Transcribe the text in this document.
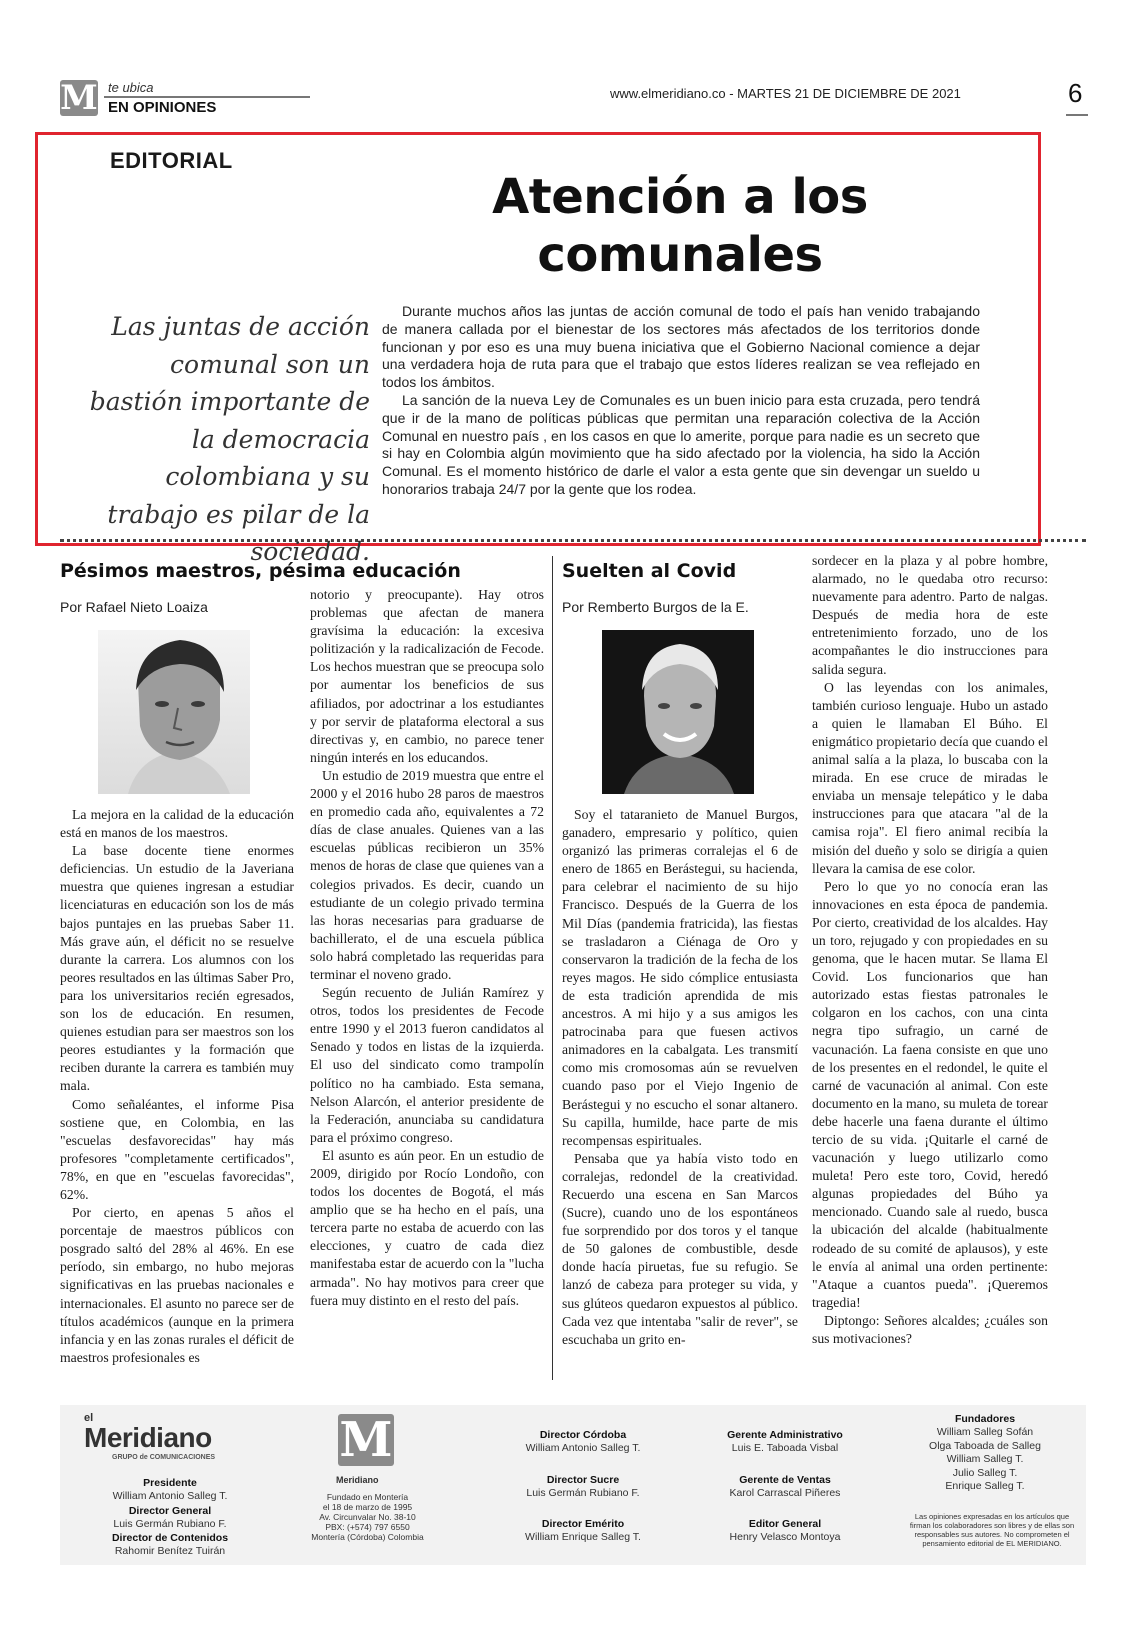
M te ubica
EN OPINIONES
www.elmeridiano.co - MARTES 21 DE DICIEMBRE DE 2021	6
EDITORIAL
Atención a los comunales
Las juntas de acción comunal son un bastión importante de la democracia colombiana y su trabajo es pilar de la sociedad.

Durante muchos años las juntas de acción comunal de todo el país han venido trabajando de manera callada por el bienestar de los sectores más afectados de los territorios donde funcionan y por eso es una muy buena iniciativa que el Gobierno Nacional comience a dejar una verdadera hoja de ruta para que el trabajo que estos líderes realizan se vea reflejado en todos los ámbitos.

La sanción de la nueva Ley de Comunales es un buen inicio para esta cruzada, pero tendrá que ir de la mano de políticas públicas que permitan una reparación colectiva de la Acción Comunal en nuestro país , en los casos en que lo amerite, porque para nadie es un secreto que si hay en Colombia algún movimiento que ha sido afectado por la violencia, ha sido la Acción Comunal. Es el momento histórico de darle el valor a esta gente que sin devengar un sueldo u honorarios trabaja 24/7 por la gente que los rodea.

Pésimos maestros, pésima educación
Por Rafael Nieto Loaiza

La mejora en la calidad de la educación está en manos de los maestros.

La base docente tiene enormes deficiencias. Un estudio de la Javeriana muestra que quienes ingresan a estudiar licenciaturas en educación son los de más bajos puntajes en las pruebas Saber 11. Más grave aún, el déficit no se resuelve durante la carrera. Los alumnos con los peores resultados en las últimas Saber Pro, para los universitarios recién egresados, son los de educación. En resumen, quienes estudian para ser maestros son los peores estudiantes y la formación que reciben durante la carrera es también muy mala.

Como señaléantes, el informe Pisa sostiene que, en Colombia, en las "escuelas desfavorecidas" hay más profesores "completamente certificados", 78%, en que en "escuelas favorecidas", 62%.

Por cierto, en apenas 5 años el porcentaje de maestros públicos con posgrado saltó del 28% al 46%. En ese período, sin embargo, no hubo mejoras significativas en las pruebas nacionales e internacionales. El asunto no parece ser de títulos académicos (aunque en la primera infancia y en las zonas rurales el déficit de maestros profesionales es

notorio y preocupante). Hay otros problemas que afectan de manera gravísima la educación: la excesiva politización y la radicalización de Fecode. Los hechos muestran que se preocupa solo por aumentar los beneficios de sus afiliados, por adoctrinar a los estudiantes y por servir de plataforma electoral a sus directivas y, en cambio, no parece tener ningún interés en los educandos.

Un estudio de 2019 muestra que entre el 2000 y el 2016 hubo 28 paros de maestros en promedio cada año, equivalentes a 72 días de clase anuales. Quienes van a las escuelas públicas recibieron un 35% menos de horas de clase que quienes van a colegios privados. Es decir, cuando un estudiante de un colegio privado termina las horas necesarias para graduarse de bachillerato, el de una escuela pública solo habrá completado las requeridas para terminar el noveno grado.

Según recuento de Julián Ramírez y otros, todos los presidentes de Fecode entre 1990 y el 2013 fueron candidatos al Senado y todos en listas de la izquierda. El uso del sindicato como trampolín político no ha cambiado. Esta semana, Nelson Alarcón, el anterior presidente de la Federación, anunciaba su candidatura para el próximo congreso.

El asunto es aún peor. En un estudio de 2009, dirigido por Rocío Londoño, con todos los docentes de Bogotá, el más amplio que se ha hecho en el país, una tercera parte no estaba de acuerdo con las elecciones, y cuatro de cada diez manifestaba estar de acuerdo con la "lucha armada". No hay motivos para creer que fuera muy distinto en el resto del país.

Suelten al Covid
Por Remberto Burgos de la E.

Soy el tataranieto de Manuel Burgos, ganadero, empresario y político, quien organizó las primeras corralejas el 6 de enero de 1865 en Berástegui, su hacienda, para celebrar el nacimiento de su hijo Francisco. Después de la Guerra de los Mil Días (pandemia fratricida), las fiestas se trasladaron a Ciénaga de Oro y conservaron la tradición de la fecha de los reyes magos. He sido cómplice entusiasta de esta tradición aprendida de mis ancestros. A mi hijo y a sus amigos les patrocinaba para que fuesen activos animadores en la cabalgata. Les transmití como mis cromosomas aún se revuelven cuando paso por el Viejo Ingenio de Berástegui y no escucho el sonar altanero. Su capilla, humilde, hace parte de mis recompensas espirituales.

Pensaba que ya había visto todo en corralejas, redondel de la creatividad. Recuerdo una escena en San Marcos (Sucre), cuando uno de los espontáneos fue sorprendido por dos toros y el tanque de 50 galones de combustible, desde donde hacía piruetas, fue su refugio. Se lanzó de cabeza para proteger su vida, y sus glúteos quedaron expuestos al público. Cada vez que intentaba "salir de rever", se escuchaba un grito en-

sordecer en la plaza y al pobre hombre, alarmado, no le quedaba otro recurso: nuevamente para adentro. Parto de nalgas. Después de media hora de este entretenimiento forzado, uno de los acompañantes le dio instrucciones para salida segura.

O las leyendas con los animales, también curioso lenguaje. Hubo un astado a quien le llamaban El Búho. El enigmático propietario decía que cuando el animal salía a la plaza, lo buscaba con la mirada. En ese cruce de miradas le enviaba un mensaje telepático y le daba instrucciones para que atacara "al de la camisa roja". El fiero animal recibía la misión del dueño y solo se dirigía a quien llevara la camisa de ese color.

Pero lo que yo no conocía eran las innovaciones en esta época de pandemia. Por cierto, creatividad de los alcaldes. Hay un toro, rejugado y con propiedades en su genoma, que le hacen mutar. Se llama El Covid. Los funcionarios que han autorizado estas fiestas patronales le colgaron en los cachos, con una cinta negra tipo sufragio, un carné de vacunación. La faena consiste en que uno de los presentes en el redondel, le quite el carné de vacunación al animal. Con este documento en la mano, su muleta de torear debe hacerle una faena durante el último tercio de su vida. ¡Quitarle el carné de vacunación y luego utilizarlo como muleta! Pero este toro, Covid, heredó algunas propiedades del Búho ya mencionado. Cuando sale al ruedo, busca la ubicación del alcalde (habitualmente rodeado de su comité de aplausos), y este le envía al animal una orden pertinente: "Ataque a cuantos pueda". ¡Queremos tragedia!

Diptongo: Señores alcaldes; ¿cuáles son sus motivaciones?

el
Meridiano
GRUPO de COMUNICACIONES
Presidente
William Antonio Salleg T.
Director General
Luis Germán Rubiano F.
Director de Contenidos
Rahomir Benítez Tuirán
M
Meridiano
Fundado en Montería
el 18 de marzo de 1995
Av. Circunvalar No. 38-10
PBX: (+574) 797 6550
Montería (Córdoba) Colombia
Director Córdoba
William Antonio Salleg T.
Director Sucre
Luis Germán Rubiano F.
Director Emérito
William Enrique Salleg T.
Gerente Administrativo
Luis E. Taboada Visbal
Gerente de Ventas
Karol Carrascal Piñeres
Editor General
Henry Velasco Montoya
Fundadores
William Salleg Sofán
Olga Taboada de Salleg
William Salleg T.
Julio Salleg T.
Enrique Salleg T.
Las opiniones expresadas en los artículos que firman los colaboradores son libres y de ellas son responsables sus autores. No comprometen el pensamiento editorial de EL MERIDIANO.
